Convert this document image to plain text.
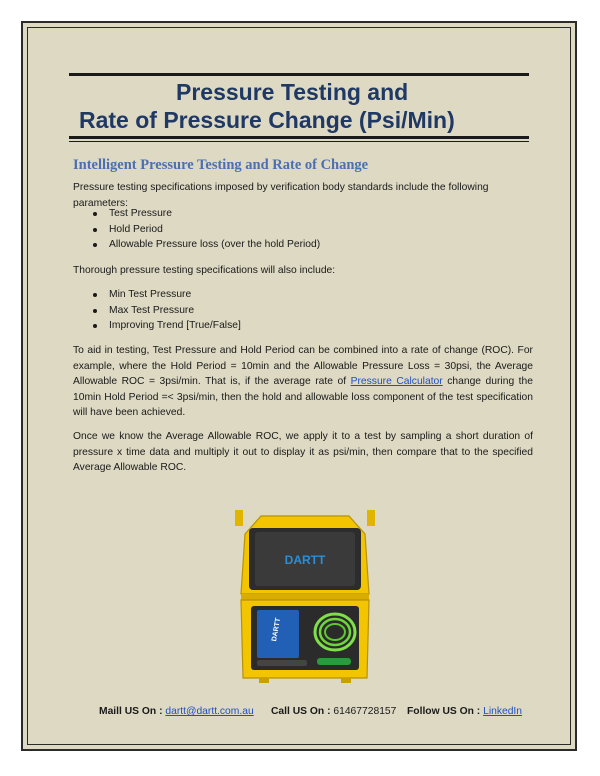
Pressure Testing and
Rate of Pressure Change (Psi/Min)
Intelligent Pressure Testing and Rate of Change
Pressure testing specifications imposed by verification body standards include the following parameters:
Test Pressure
Hold Period
Allowable Pressure loss (over the hold Period)
Thorough pressure testing specifications will also include:
Min Test Pressure
Max Test Pressure
Improving Trend [True/False]
To aid in testing, Test Pressure and Hold Period can be combined into a rate of change (ROC). For example, where the Hold Period = 10min and the Allowable Pressure Loss = 30psi, the Average Allowable ROC = 3psi/min. That is, if the average rate of Pressure Calculator change during the 10min Hold Period =< 3psi/min, then the hold and allowable loss component of the test specification will have been achieved.
Once we know the Average Allowable ROC, we apply it to a test by sampling a short duration of pressure x time data and multiply it out to display it as psi/min, then compare that to the specified Average Allowable ROC.
DARTT
DARTT
Maill US On : dartt@dartt.com.au Call US On : 61467728157 Follow US On : LinkedIn
